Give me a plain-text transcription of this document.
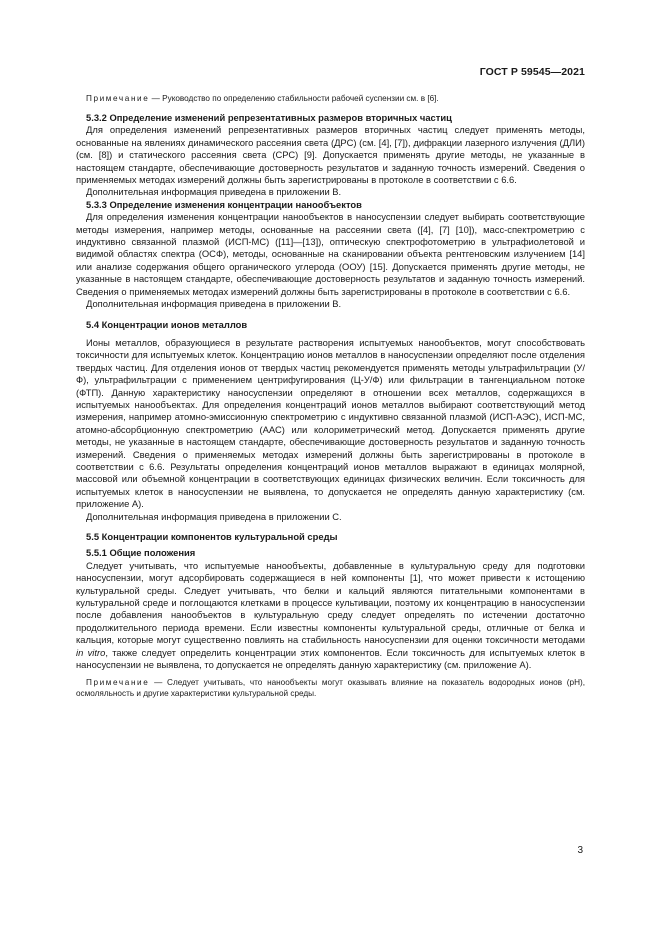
ГОСТ Р 59545—2021

Примечание — Руководство по определению стабильности рабочей суспензии см. в [6].

5.3.2 Определение изменений репрезентативных размеров вторичных частиц

Для определения изменений репрезентативных размеров вторичных частиц следует применять методы, основанные на явлениях динамического рассеяния света (ДРС) (см. [4], [7]), дифракции лазерного излучения (ДЛИ) (см. [8]) и статического рассеяния света (СРС) [9]. Допускается применять другие методы, не указанные в настоящем стандарте, обеспечивающие достоверность результатов и заданную точность измерений. Сведения о применяемых методах измерений должны быть зарегистрированы в протоколе в соответствии с 6.6.

Дополнительная информация приведена в приложении В.

5.3.3 Определение изменения концентрации нанообъектов

Для определения изменения концентрации нанообъектов в наносуспензии следует выбирать соответствующие методы измерения, например методы, основанные на рассеянии света ([4], [7] [10]), масс-спектрометрию с индуктивно связанной плазмой (ИСП-МС) ([11]—[13]), оптическую спектрофотометрию в ультрафиолетовой и видимой областях спектра (ОСФ), методы, основанные на сканировании объекта рентгеновским излучением [14] или анализе содержания общего органического углерода (ООУ) [15]. Допускается применять другие методы, не указанные в настоящем стандарте, обеспечивающие достоверность результатов и заданную точность измерений. Сведения о применяемых методах измерений должны быть зарегистрированы в протоколе в соответствии с 6.6.

Дополнительная информация приведена в приложении В.

5.4 Концентрации ионов металлов

Ионы металлов, образующиеся в результате растворения испытуемых нанообъектов, могут способствовать токсичности для испытуемых клеток. Концентрацию ионов металлов в наносуспензии определяют после отделения твердых частиц. Для отделения ионов от твердых частиц рекомендуется применять методы ультрафильтрации (У/Ф), ультрафильтрации с применением центрифугирования (Ц-У/Ф) или фильтрации в тангенциальном потоке (ФТП). Данную характеристику наносуспензии определяют в отношении всех металлов, содержащихся в испытуемых нанообъектах. Для определения концентраций ионов металлов выбирают соответствующий метод измерения, например атомно-эмиссионную спектрометрию с индуктивно связанной плазмой (ИСП-АЭС), ИСП-МС, атомно-абсорбционную спектрометрию (ААС) или колориметрический метод. Допускается применять другие методы, не указанные в настоящем стандарте, обеспечивающие достоверность результатов и заданную точность измерений. Сведения о применяемых методах измерений должны быть зарегистрированы в протоколе в соответствии с 6.6. Результаты определения концентраций ионов металлов выражают в единицах молярной, массовой или объемной концентрации в соответствующих единицах физических величин. Если токсичность для испытуемых клеток в наносуспензии не выявлена, то допускается не определять данную характеристику (см. приложение А).

Дополнительная информация приведена в приложении С.

5.5 Концентрации компонентов культуральной среды

5.5.1 Общие положения

Следует учитывать, что испытуемые нанообъекты, добавленные в культуральную среду для подготовки наносуспензии, могут адсорбировать содержащиеся в ней компоненты [1], что может привести к истощению культуральной среды. Следует учитывать, что белки и кальций являются питательными компонентами в культуральной среде и поглощаются клетками в процессе культивации, поэтому их концентрацию в наносуспензии после добавления нанообъектов в культуральную среду следует определять по истечении достаточно продолжительного периода времени. Если известны компоненты культуральной среды, отличные от белка и кальция, которые могут существенно повлиять на стабильность наносуспензии для оценки токсичности методами in vitro, также следует определить концентрации этих компонентов. Если токсичность для испытуемых клеток в наносуспензии не выявлена, то допускается не определять данную характеристику (см. приложение А).

Примечание — Следует учитывать, что нанообъекты могут оказывать влияние на показатель водородных ионов (pH), осмоляльность и другие характеристики культуральной среды.

3
